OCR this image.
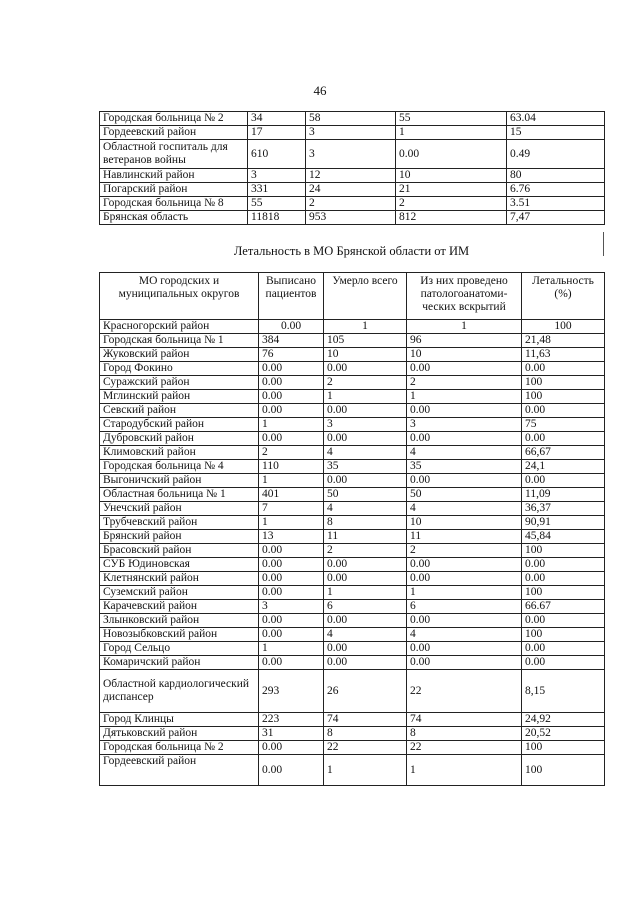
46
Городская больница № 2	34	58	55	63.04
Гордеевский район	17	3	1	15
Областной госпиталь для ветеранов войны	610	3	0.00	0.49
Навлинский район	3	12	10	80
Погарский район	331	24	21	6.76
Городская больница № 8	55	2	2	3.51
Брянская область	11818	953	812	7,47
Летальность в МО Брянской области от ИМ
МО городских и муниципальных округов	Выписано пациентов	Умерло всего	Из них проведено патологоанатоми-ческих вскрытий	Летальность (%)
Красногорский район	0.00	1	1	100
Городская больница № 1	384	105	96	21,48
Жуковский район	76	10	10	11,63
Город Фокино	0.00	0.00	0.00	0.00
Суражский район	0.00	2	2	100
Мглинский район	0.00	1	1	100
Севский район	0.00	0.00	0.00	0.00
Стародубский район	1	3	3	75
Дубровский район	0.00	0.00	0.00	0.00
Климовский район	2	4	4	66,67
Городская больница № 4	110	35	35	24,1
Выгоничский район	1	0.00	0.00	0.00
Областная больница № 1	401	50	50	11,09
Унечский район	7	4	4	36,37
Трубчевский район	1	8	10	90,91
Брянский район	13	11	11	45,84
Брасовский район	0.00	2	2	100
СУБ Юдиновская	0.00	0.00	0.00	0.00
Клетнянский район	0.00	0.00	0.00	0.00
Суземский район	0.00	1	1	100
Карачевский район	3	6	6	66.67
Злынковский район	0.00	0.00	0.00	0.00
Новозыбковский район	0.00	4	4	100
Город Сельцо	1	0.00	0.00	0.00
Комаричский район	0.00	0.00	0.00	0.00
Областной кардиологический диспансер	293	26	22	8,15
Город Клинцы	223	74	74	24,92
Дятьковский район	31	8	8	20,52
Городская больница № 2	0.00	22	22	100
Гордеевский район	0.00	1	1	100
